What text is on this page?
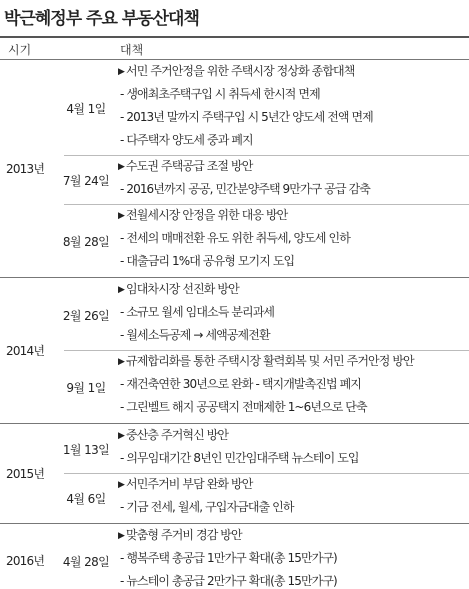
박근혜정부 주요 부동산대책
시기	대책
▶ 서민 주거안정을 위한 주택시장 정상화 종합대책
- 생애최초주택구입 시 취득세 한시적 면제
- 2013년 말까지 주택구입 시 5년간 양도세 전액 면제
- 다주택자 양도세 중과 폐지
4월 1일
▶ 수도권 주택공급 조절 방안
- 2016년까지 공공, 민간분양주택 9만가구 공급 감축
7월 24일
▶ 전월세시장 안정을 위한 대응 방안
- 전세의 매매전환 유도 위한 취득세, 양도세 인하
- 대출금리 1%대 공유형 모기지 도입
8월 28일
2013년
▶ 임대차시장 선진화 방안
- 소규모 월세 임대소득 분리과세
- 월세소득공제 → 세액공제전환
2월 26일
▶ 규제합리화를 통한 주택시장 활력회복 및 서민 주거안정 방안
- 재건축연한 30년으로 완화 - 택지개발촉진법 폐지
- 그린벨트 해지 공공택지 전매제한 1~6년으로 단축
9월 1일
2014년
▶ 중산층 주거혁신 방안
- 의무임대기간 8년인 민간임대주택 뉴스테이 도입
1월 13일
▶ 서민주거비 부담 완화 방안
- 기금 전세, 월세, 구입자금대출 인하
4월 6일
2015년
▶ 맞춤형 주거비 경감 방안
- 행복주택 총공급 1만가구 확대(총 15만가구)
- 뉴스테이 총공급 2만가구 확대(총 15만가구)
4월 28일
2016년
